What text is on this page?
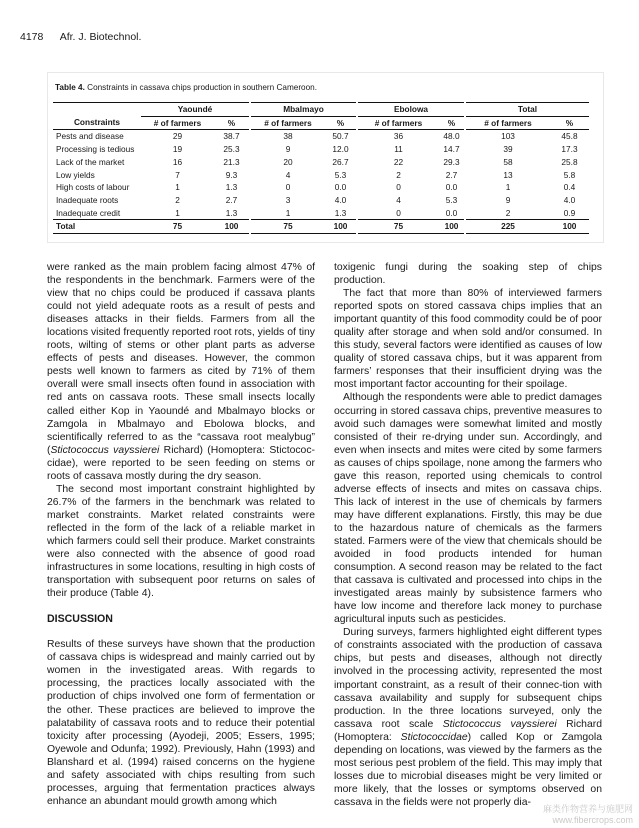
4178 Afr. J. Biotechnol.
Table 4. Constraints in cassava chips production in southern Cameroon.
	Yaoundé		Mbalmayo		Ebolowa		Total	
Constraints	# of farmers	%	# of farmers	%	# of farmers	%	# of farmers	%
Pests and disease	29	38.7	38	50.7	36	48.0	103	45.8
Processing is tedious	19	25.3	9	12.0	11	14.7	39	17.3
Lack of the market	16	21.3	20	26.7	22	29.3	58	25.8
Low yields	7	9.3	4	5.3	2	2.7	13	5.8
High costs of labour	1	1.3	0	0.0	0	0.0	1	0.4
Inadequate roots	2	2.7	3	4.0	4	5.3	9	4.0
Inadequate credit	1	1.3	1	1.3	0	0.0	2	0.9
Total	75	100	75	100	75	100	225	100

were ranked as the main problem facing almost 47% of the respondents in the benchmark. Farmers were of the view that no chips could be produced if cassava plants could not yield adequate roots as a result of pests and diseases attacks in their fields. Farmers from all the locations visited frequently reported root rots, yields of tiny roots, wilting of stems or other plant parts as adverse effects of pests and diseases. However, the common pests well known to farmers as cited by 71% of them overall were small insects often found in association with red ants on cassava roots. These small insects locally called either Kop in Yaoundé and Mbalmayo blocks or Zamgola in Mbalmayo and Ebolowa blocks, and scientifically referred to as the “cassava root mealybug” (Stictococcus vayssierei Richard) (Homoptera: Stictococ-cidae), were reported to be seen feeding on stems or roots of cassava mostly during the dry season.

The second most important constraint highlighted by 26.7% of the farmers in the benchmark was related to market constraints. Market related constraints were reflected in the form of the lack of a reliable market in which farmers could sell their produce. Market constraints were also connected with the absence of good road infrastructures in some locations, resulting in high costs of transportation with subsequent poor returns on sales of their produce (Table 4).

DISCUSSION

Results of these surveys have shown that the production of cassava chips is widespread and mainly carried out by women in the investigated areas. With regards to processing, the practices locally associated with the production of chips involved one form of fermentation or the other. These practices are believed to improve the palatability of cassava roots and to reduce their potential toxicity after processing (Ayodeji, 2005; Essers, 1995; Oyewole and Odunfa; 1992). Previously, Hahn (1993) and Blanshard et al. (1994) raised concerns on the hygiene and safety associated with chips resulting from such processes, arguing that fermentation practices always enhance an abundant mould growth among which

toxigenic fungi during the soaking step of chips production.

The fact that more than 80% of interviewed farmers reported spots on stored cassava chips implies that an important quantity of this food commodity could be of poor quality after storage and when sold and/or consumed. In this study, several factors were identified as causes of low quality of stored cassava chips, but it was apparent from farmers’ responses that their insufficient drying was the most important factor accounting for their spoilage.

Although the respondents were able to predict damages occurring in stored cassava chips, preventive measures to avoid such damages were somewhat limited and mostly consisted of their re-drying under sun. Accordingly, and even when insects and mites were cited by some farmers as causes of chips spoilage, none among the farmers who gave this reason, reported using chemicals to control adverse effects of insects and mites on cassava chips. This lack of interest in the use of chemicals by farmers may have different explanations. Firstly, this may be due to the hazardous nature of chemicals as the farmers stated. Farmers were of the view that chemicals should be avoided in food products intended for human consumption. A second reason may be related to the fact that cassava is cultivated and processed into chips in the investigated areas mainly by subsistence farmers who have low income and therefore lack money to purchase agricultural inputs such as pesticides.

During surveys, farmers highlighted eight different types of constraints associated with the production of cassava chips, but pests and diseases, although not directly involved in the processing activity, represented the most important constraint, as a result of their connec-tion with cassava availability and supply for subsequent chips production. In the three locations surveyed, only the cassava root scale Stictococcus vayssierei Richard (Homoptera: Stictococcidae) called Kop or Zamgola depending on locations, was viewed by the farmers as the most serious pest problem of the field. This may imply that losses due to microbial diseases might be very limited or more likely, that the losses or symptoms observed on cassava in the fields were not properly dia-

麻类作物营养与施肥网
www.fibercrops.com
